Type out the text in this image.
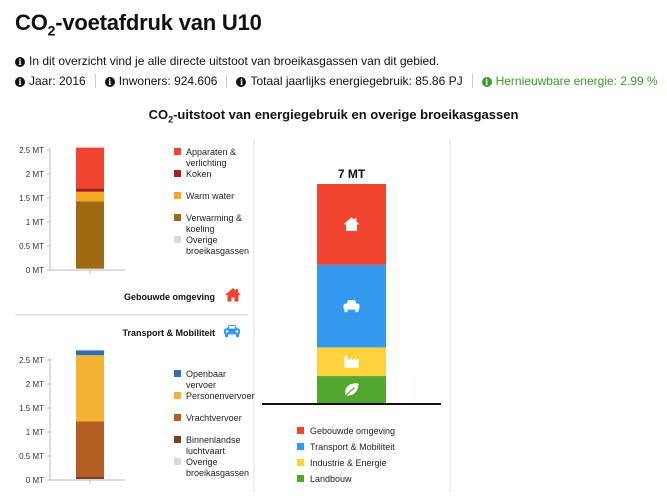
$CO_2$-voetafdruk van U10
i In dit overzicht vind je alle directe uitstoot van broeikasgassen van dit gebied.
i Jaar: 2016	i Inwoners: 924.606	i Totaal jaarlijks energiegebruik: 85.86 PJ	i Hernieuwbare energie: 2.99 %
$CO_2$-uitstoot van energiegebruik en overige broeikasgassen
0 MT
0.5 MT
1 MT
1.5 MT
2 MT
2.5 MT	Apparaten & verlichting
Koken
Warm water
Verwarming & koeling
Overige broeikasgassen
Gebouwde omgeving
Transport & Mobiliteit
0 MT
0.5 MT
1 MT
1.5 MT
2 MT
2.5 MT
Openbaar vervoer
Personenvervoer
Vrachtvervoer
Binnenlandse luchtvaart
Overige broeikasgassen
7 MT
Gebouwde omgeving
Transport & Mobiliteit
Industrie & Energie
Landbouw
